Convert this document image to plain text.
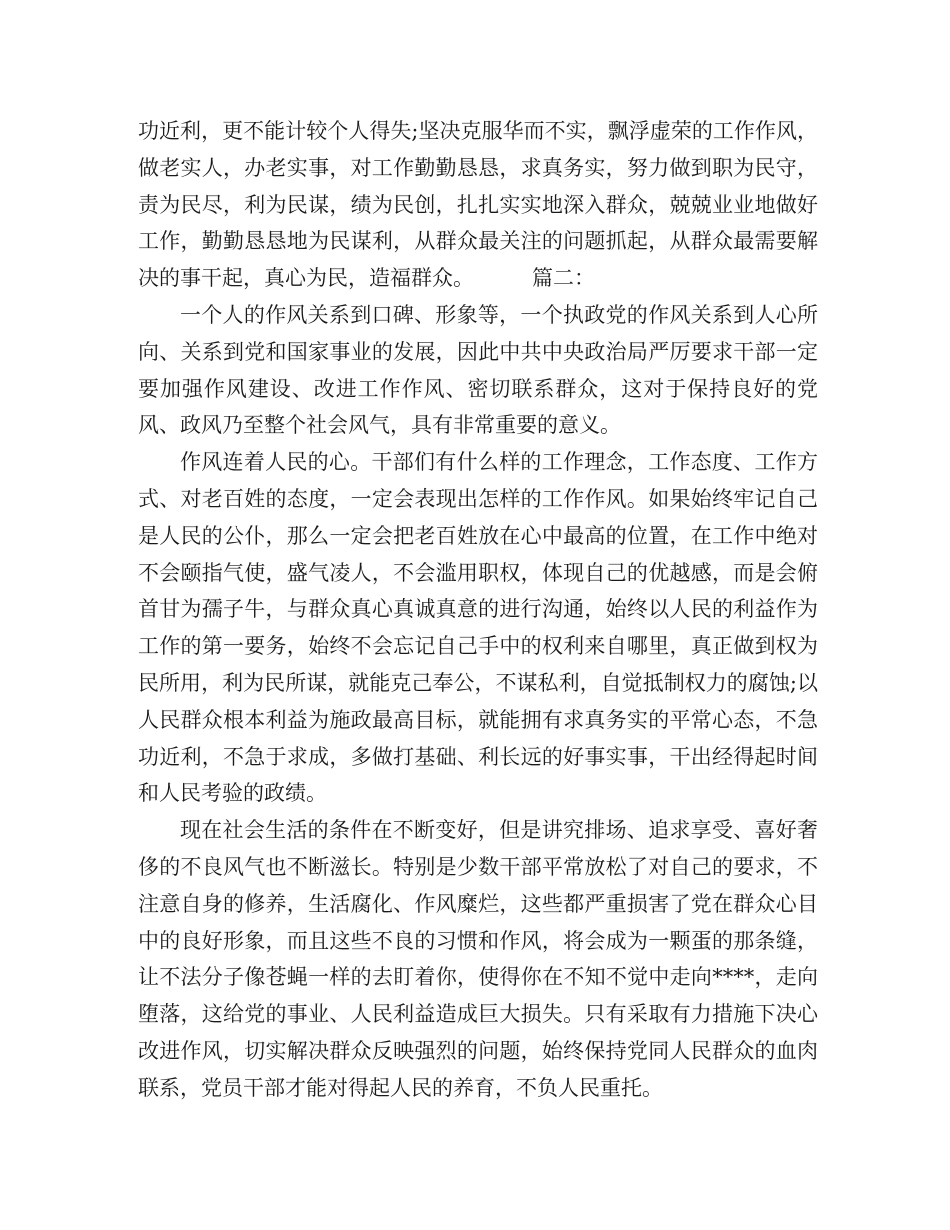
功近利，更不能计较个人得失;坚决克服华而不实，飘浮虚荣的工作作风，做老实人，办老实事，对工作勤勤恳恳，求真务实，努力做到职为民守，责为民尽，利为民谋，绩为民创，扎扎实实地深入群众，兢兢业业地做好工作，勤勤恳恳地为民谋利，从群众最关注的问题抓起，从群众最需要解决的事干起，真心为民，造福群众。	篇二：

一个人的作风关系到口碑、形象等，一个执政党的作风关系到人心所向、关系到党和国家事业的发展，因此中共中央政治局严厉要求干部一定要加强作风建设、改进工作作风、密切联系群众，这对于保持良好的党风、政风乃至整个社会风气，具有非常重要的意义。

作风连着人民的心。干部们有什么样的工作理念，工作态度、工作方式、对老百姓的态度，一定会表现出怎样的工作作风。如果始终牢记自己是人民的公仆，那么一定会把老百姓放在心中最高的位置，在工作中绝对不会颐指气使，盛气凌人，不会滥用职权，体现自己的优越感，而是会俯首甘为孺子牛，与群众真心真诚真意的进行沟通，始终以人民的利益作为工作的第一要务，始终不会忘记自己手中的权利来自哪里，真正做到权为民所用，利为民所谋，就能克己奉公，不谋私利，自觉抵制权力的腐蚀;以人民群众根本利益为施政最高目标，就能拥有求真务实的平常心态，不急功近利，不急于求成，多做打基础、利长远的好事实事，干出经得起时间和人民考验的政绩。

现在社会生活的条件在不断变好，但是讲究排场、追求享受、喜好奢侈的不良风气也不断滋长。特别是少数干部平常放松了对自己的要求，不注意自身的修养，生活腐化、作风糜烂，这些都严重损害了党在群众心目中的良好形象，而且这些不良的习惯和作风，将会成为一颗蛋的那条缝，让不法分子像苍蝇一样的去盯着你，使得你在不知不觉中走向****，走向堕落，这给党的事业、人民利益造成巨大损失。只有采取有力措施下决心改进作风，切实解决群众反映强烈的问题，始终保持党同人民群众的血肉联系，党员干部才能对得起人民的养育，不负人民重托。
